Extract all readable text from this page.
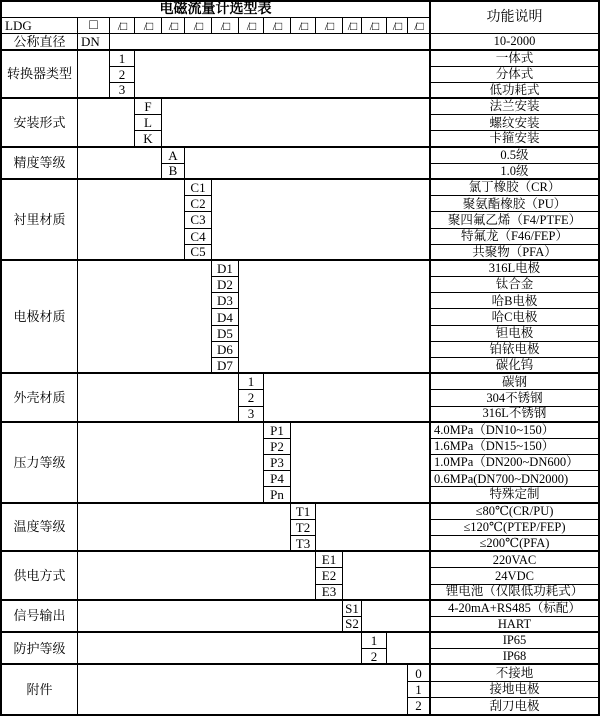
电磁流量计选型表
功能说明
LDG	□
公称直径	DN	10-2000
/□	/□	/□	/□	/□	/□	/□	/□	/□	/□	/□	/□	/□
转换器类型
1	一体式
2	分体式
3	低功耗式
安装形式
F	法兰安装
L	螺纹安装
K	卡箍安装
精度等级
A	0.5级
B	1.0级
衬里材质
C1	氯丁橡胶（CR）
C2	聚氨酯橡胶（PU）
C3	聚四氟乙烯（F4/PTFE）
C4	特氟龙（F46/FEP）
C5	共聚物（PFA）
电极材质
D1	316L电极
D2	钛合金
D3	哈B电极
D4	哈C电极
D5	钽电极
D6	铂铱电极
D7	碳化钨
外壳材质
1	碳钢
2	304不锈钢
3	316L不锈钢
压力等级
P1	4.0MPa（DN10~150）
P2	1.6MPa（DN15~150）
P3	1.0MPa（DN200~DN600）
P4	0.6MPa(DN700~DN2000)
Pn	特殊定制
温度等级
T1	≤80℃(CR/PU)
T2	≤120℃(PTEP/FEP)
T3	≤200℃(PFA)
供电方式
E1	220VAC
E2	24VDC
E3	锂电池（仅限低功耗式）
信号输出
S1	4-20mA+RS485（标配）
S2	HART
防护等级
1	IP65
2	IP68
附件
0	不接地
1	接地电极
2	刮刀电极
